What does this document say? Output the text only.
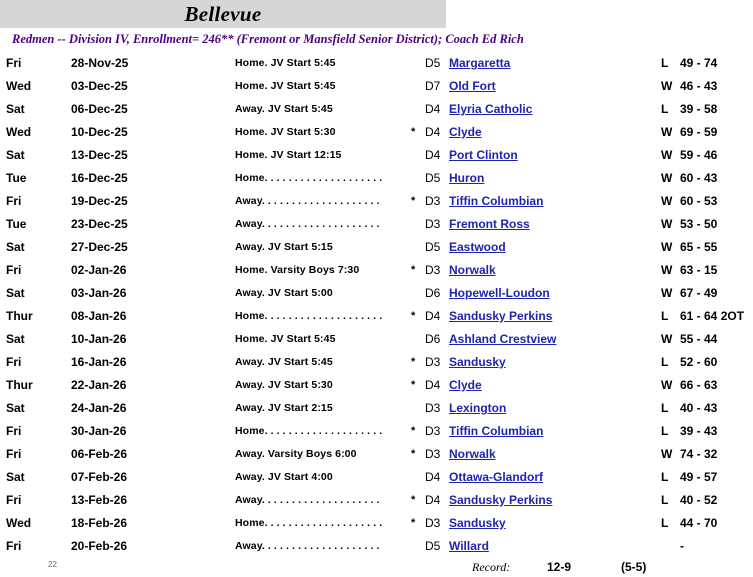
Bellevue
Redmen -- Division IV, Enrollment= 246** (Fremont or Mansfield Senior District); Coach Ed Rich
Fri	28-Nov-25	Home. JV Start 5:45	D5 Margaretta	L 49 - 74
Wed	03-Dec-25	Home. JV Start 5:45	D7 Old Fort	W 46 - 43
Sat	06-Dec-25	Away. JV Start 5:45	D4 Elyria Catholic	L 39 - 58
Wed	10-Dec-25	Home. JV Start 5:30	* D4 Clyde	W 69 - 59
Sat	13-Dec-25	Home. JV Start 12:15	D4 Port Clinton	W 59 - 46
Tue	16-Dec-25	Home. . . . . . . . . . . . . . . . . . . .	D5 Huron	W 60 - 43
Fri	19-Dec-25	Away. . . . . . . . . . . . . . . . . . . .	* D3 Tiffin Columbian	W 60 - 53
Tue	23-Dec-25	Away. . . . . . . . . . . . . . . . . . . .	D3 Fremont Ross	W 53 - 50
Sat	27-Dec-25	Away. JV Start 5:15	D5 Eastwood	W 65 - 55
Fri	02-Jan-26	Home. Varsity Boys 7:30	* D3 Norwalk	W 63 - 15
Sat	03-Jan-26	Away. JV Start 5:00	D6 Hopewell-Loudon	W 67 - 49
Thur	08-Jan-26	Home. . . . . . . . . . . . . . . . . . . .	* D4 Sandusky Perkins	L 61 - 64 2OT
Sat	10-Jan-26	Home. JV Start 5:45	D6 Ashland Crestview	W 55 - 44
Fri	16-Jan-26	Away. JV Start 5:45	* D3 Sandusky	L 52 - 60
Thur	22-Jan-26	Away. JV Start 5:30	* D4 Clyde	W 66 - 63
Sat	24-Jan-26	Away. JV Start 2:15	D3 Lexington	L 40 - 43
Fri	30-Jan-26	Home. . . . . . . . . . . . . . . . . . . .	* D3 Tiffin Columbian	L 39 - 43
Fri	06-Feb-26	Away. Varsity Boys 6:00	* D3 Norwalk	W 74 - 32
Sat	07-Feb-26	Away. JV Start 4:00	D4 Ottawa-Glandorf	L 49 - 57
Fri	13-Feb-26	Away. . . . . . . . . . . . . . . . . . . .	* D4 Sandusky Perkins	L 40 - 52
Wed	18-Feb-26	Home. . . . . . . . . . . . . . . . . . . .	* D3 Sandusky	L 44 - 70
Fri	20-Feb-26	Away. . . . . . . . . . . . . . . . . . . .	D5 Willard	-
22	Record:	12-9	(5-5)
